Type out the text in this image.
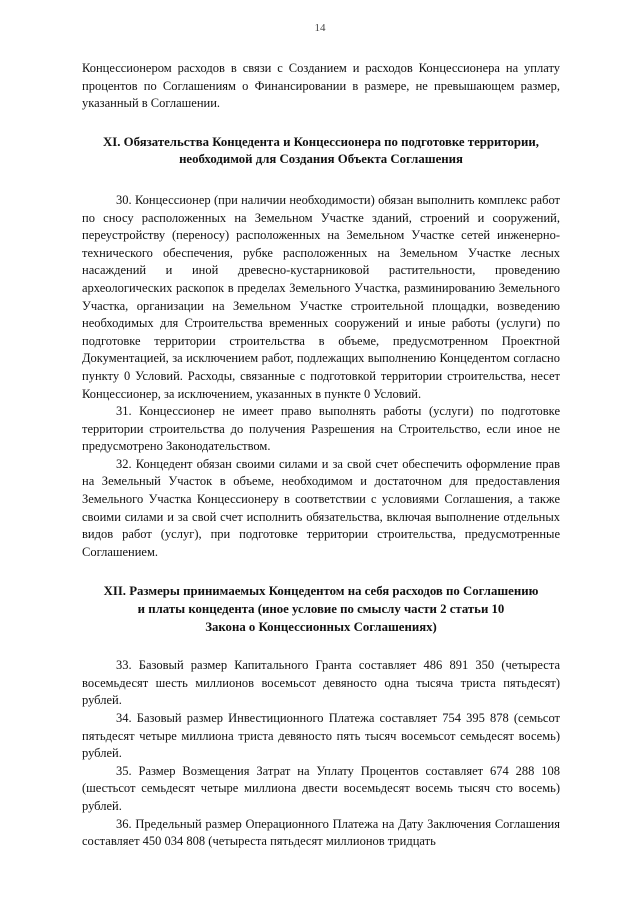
14

Концессионером расходов в связи с Созданием и расходов Концессионера на уплату процентов по Соглашениям о Финансировании в размере, не превышающем размер, указанный в Соглашении.

XI. Обязательства Концедента и Концессионера по подготовке территории,
необходимой для Создания Объекта Соглашения

30. Концессионер (при наличии необходимости) обязан выполнить комплекс работ по сносу расположенных на Земельном Участке зданий, строений и сооружений, переустройству (переносу) расположенных на Земельном Участке сетей инженерно-технического обеспечения, рубке расположенных на Земельном Участке лесных насаждений и иной древесно-кустарниковой растительности, проведению археологических раскопок в пределах Земельного Участка, разминированию Земельного Участка, организации на Земельном Участке строительной площадки, возведению необходимых для Строительства временных сооружений и иные работы (услуги) по подготовке территории строительства в объеме, предусмотренном Проектной Документацией, за исключением работ, подлежащих выполнению Концедентом согласно пункту 0 Условий. Расходы, связанные с подготовкой территории строительства, несет Концессионер, за исключением, указанных в пункте 0 Условий.

31. Концессионер не имеет право выполнять работы (услуги) по подготовке территории строительства до получения Разрешения на Строительство, если иное не предусмотрено Законодательством.

32. Концедент обязан своими силами и за свой счет обеспечить оформление прав на Земельный Участок в объеме, необходимом и достаточном для предоставления Земельного Участка Концессионеру в соответствии с условиями Соглашения, а также своими силами и за свой счет исполнить обязательства, включая выполнение отдельных видов работ (услуг), при подготовке территории строительства, предусмотренные Соглашением.

XII. Размеры принимаемых Концедентом на себя расходов по Соглашению
и платы концедента (иное условие по смыслу части 2 статьи 10
Закона о Концессионных Соглашениях)

33. Базовый размер Капитального Гранта составляет 486 891 350 (четыреста восемьдесят шесть миллионов восемьсот девяносто одна тысяча триста пятьдесят) рублей.

34. Базовый размер Инвестиционного Платежа составляет 754 395 878 (семьсот пятьдесят четыре миллиона триста девяносто пять тысяч восемьсот семьдесят восемь) рублей.

35. Размер Возмещения Затрат на Уплату Процентов составляет 674 288 108 (шестьсот семьдесят четыре миллиона двести восемьдесят восемь тысяч сто восемь) рублей.

36. Предельный размер Операционного Платежа на Дату Заключения Соглашения составляет 450 034 808 (четыреста пятьдесят миллионов тридцать
